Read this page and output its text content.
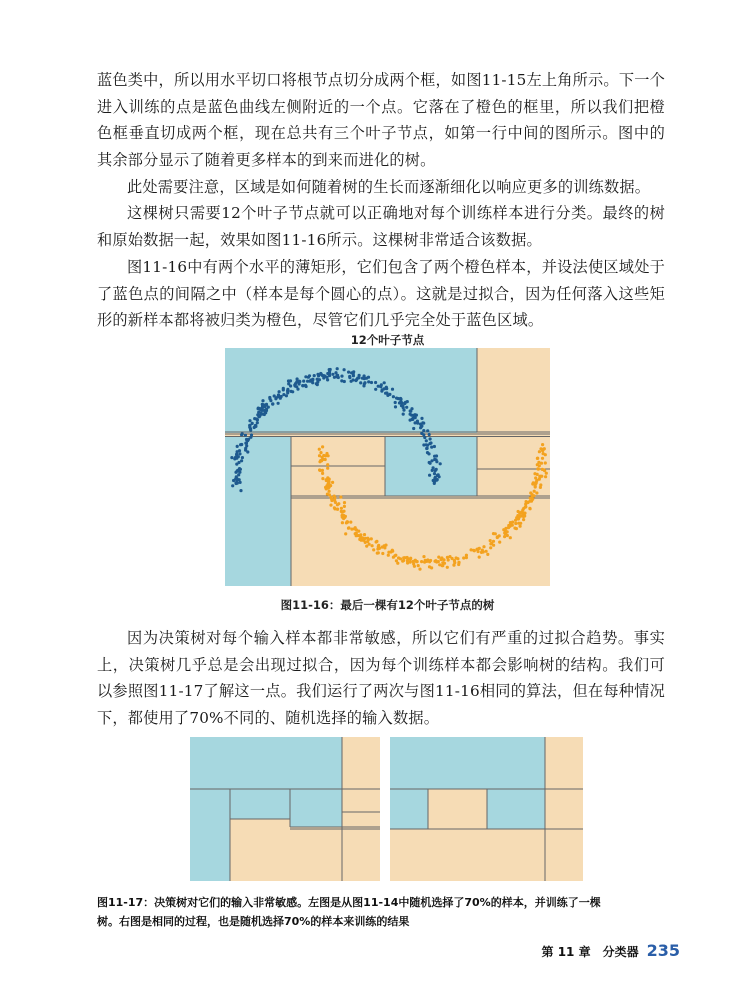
蓝色类中，所以用水平切口将根节点切分成两个框，如图11-15左上角所示。下一个进入训练的点是蓝色曲线左侧附近的一个点。它落在了橙色的框里，所以我们把橙色框垂直切成两个框，现在总共有三个叶子节点，如第一行中间的图所示。图中的其余部分显示了随着更多样本的到来而进化的树。

此处需要注意，区域是如何随着树的生长而逐渐细化以响应更多的训练数据。

这棵树只需要12个叶子节点就可以正确地对每个训练样本进行分类。最终的树和原始数据一起，效果如图11-16所示。这棵树非常适合该数据。

图11-16中有两个水平的薄矩形，它们包含了两个橙色样本，并设法使区域处于了蓝色点的间隔之中（样本是每个圆心的点）。这就是过拟合，因为任何落入这些矩形的新样本都将被归类为橙色，尽管它们几乎完全处于蓝色区域。

12个叶子节点
图11-16：最后一棵有12个叶子节点的树

因为决策树对每个输入样本都非常敏感，所以它们有严重的过拟合趋势。事实上，决策树几乎总是会出现过拟合，因为每个训练样本都会影响树的结构。我们可以参照图11-17了解这一点。我们运行了两次与图11-16相同的算法，但在每种情况下，都使用了70%不同的、随机选择的输入数据。

图11-17：决策树对它们的输入非常敏感。左图是从图11-14中随机选择了70%的样本，并训练了一棵
树。右图是相同的过程，也是随机选择70%的样本来训练的结果
第 11 章　分类器 235
